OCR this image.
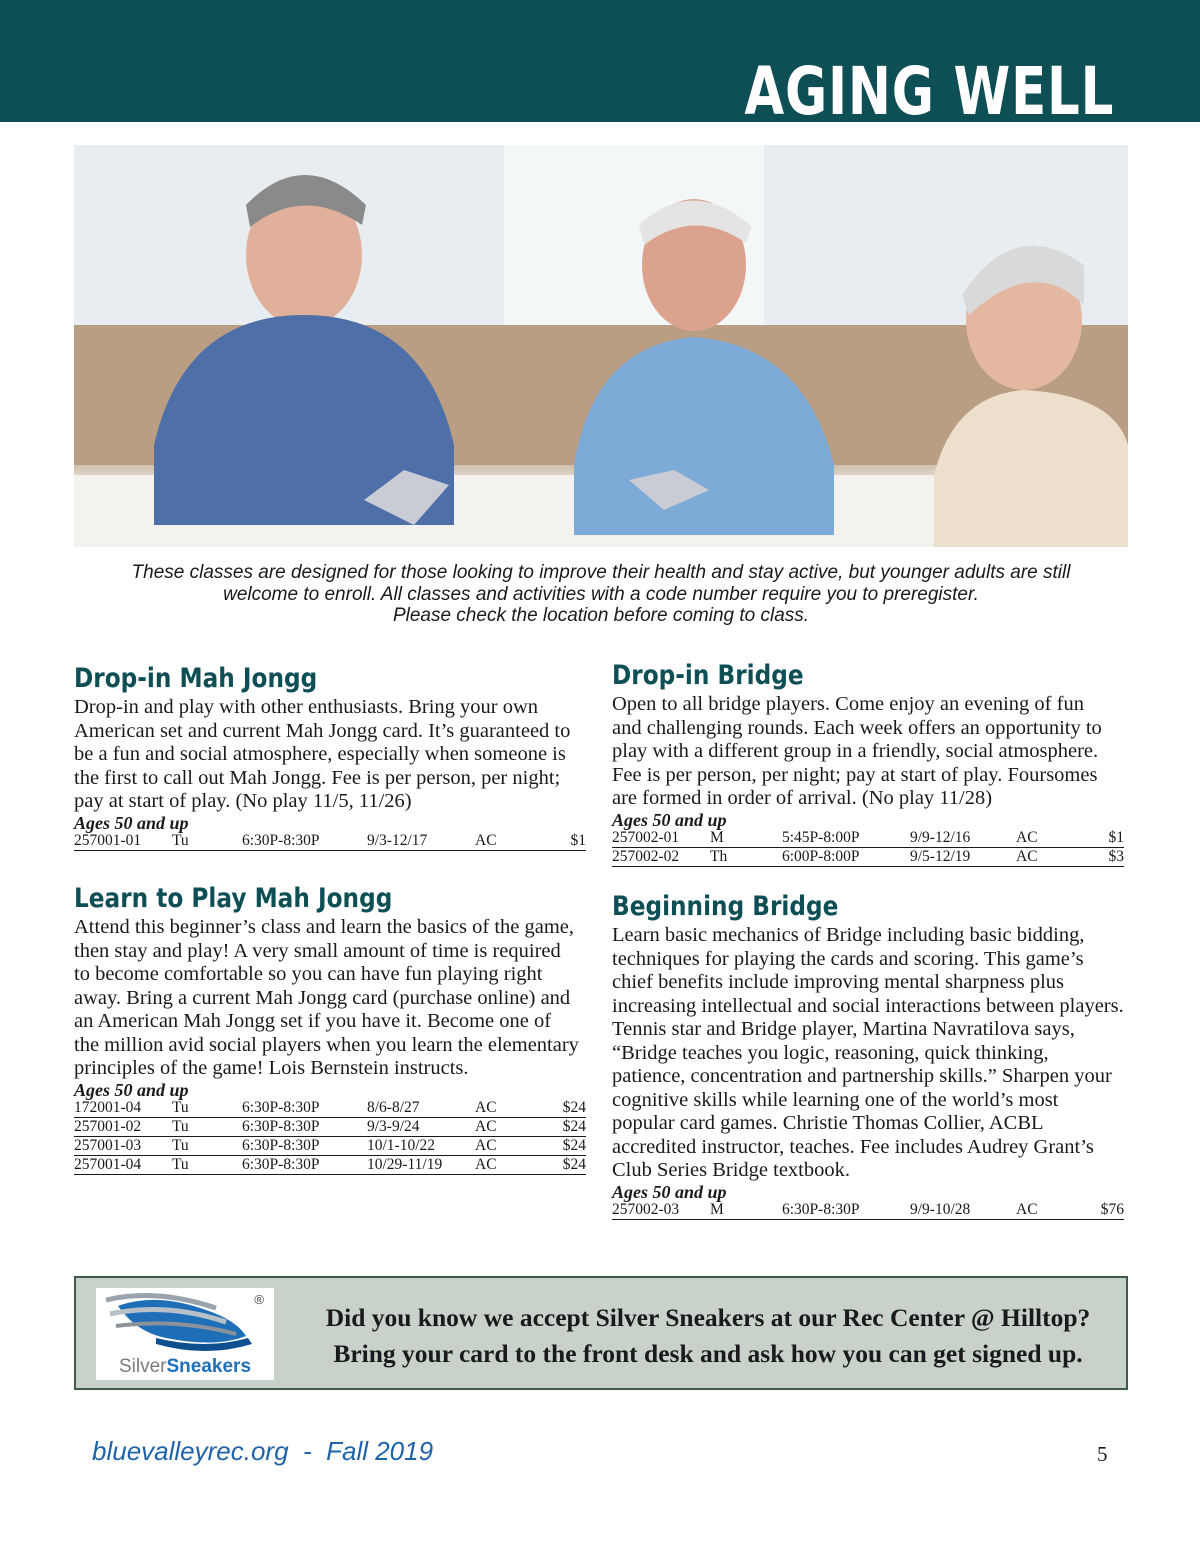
AGING WELL
These classes are designed for those looking to improve their health and stay active, but younger adults are still
welcome to enroll. All classes and activities with a code number require you to preregister.
Please check the location before coming to class.
Drop-in Mah Jongg
Drop-in and play with other enthusiasts. Bring your own
American set and current Mah Jongg card. It’s guaranteed to
be a fun and social atmosphere, especially when someone is
the first to call out Mah Jongg. Fee is per person, per night;
pay at start of play. (No play 11/5, 11/26)
Ages 50 and up
257001-01	Tu	6:30P-8:30P	9/3-12/17	AC	$1
Learn to Play Mah Jongg
Attend this beginner’s class and learn the basics of the game,
then stay and play! A very small amount of time is required
to become comfortable so you can have fun playing right
away. Bring a current Mah Jongg card (purchase online) and
an American Mah Jongg set if you have it. Become one of
the million avid social players when you learn the elementary
principles of the game! Lois Bernstein instructs.
Ages 50 and up
172001-04	Tu	6:30P-8:30P	8/6-8/27	AC	$24
257001-02	Tu	6:30P-8:30P	9/3-9/24	AC	$24
257001-03	Tu	6:30P-8:30P	10/1-10/22	AC	$24
257001-04	Tu	6:30P-8:30P	10/29-11/19	AC	$24
Drop-in Bridge
Open to all bridge players. Come enjoy an evening of fun
and challenging rounds. Each week offers an opportunity to
play with a different group in a friendly, social atmosphere.
Fee is per person, per night; pay at start of play. Foursomes
are formed in order of arrival. (No play 11/28)
Ages 50 and up
257002-01	M	5:45P-8:00P	9/9-12/16	AC	$1
257002-02	Th	6:00P-8:00P	9/5-12/19	AC	$3
Beginning Bridge
Learn basic mechanics of Bridge including basic bidding,
techniques for playing the cards and scoring. This game’s
chief benefits include improving mental sharpness plus
increasing intellectual and social interactions between players.
Tennis star and Bridge player, Martina Navratilova says,
“Bridge teaches you logic, reasoning, quick thinking,
patience, concentration and partnership skills.” Sharpen your
cognitive skills while learning one of the world’s most
popular card games. Christie Thomas Collier, ACBL
accredited instructor, teaches. Fee includes Audrey Grant’s
Club Series Bridge textbook.
Ages 50 and up
257002-03	M	6:30P-8:30P	9/9-10/28	AC	$76
®
SilverSneakers
Did you know we accept Silver Sneakers at our Rec Center @ Hilltop?
Bring your card to the front desk and ask how you can get signed up.
bluevalleyrec.org  -  Fall 2019	5
